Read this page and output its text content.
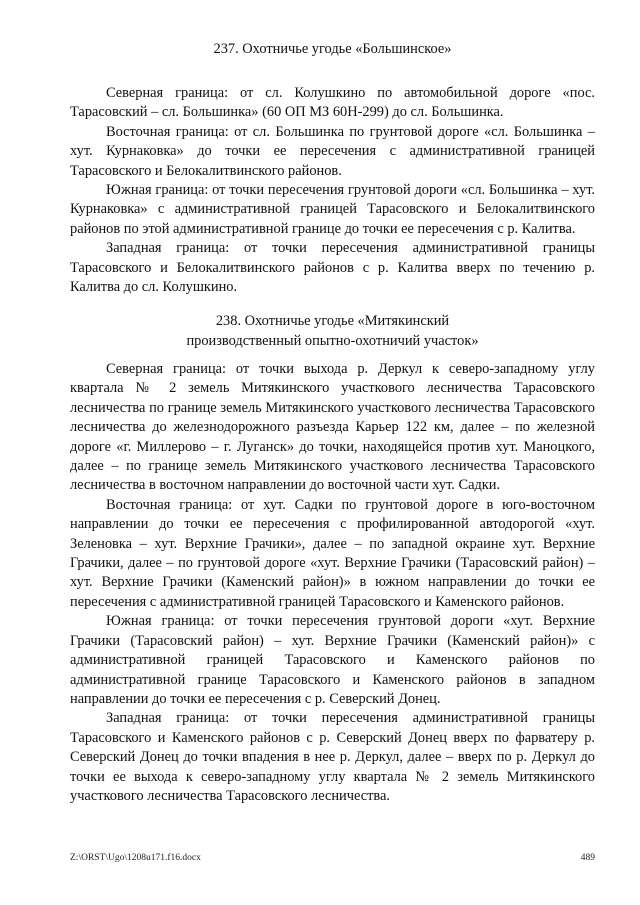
237. Охотничье угодье «Большинское»

Северная граница: от сл. Колушкино по автомобильной дороге «пос. Тарасовский – сл. Большинка» (60 ОП МЗ 60Н-299) до сл. Большинка.

Восточная граница: от сл. Большинка по грунтовой дороге «сл. Большинка – хут. Курнаковка» до точки ее пересечения с административной границей Тарасовского и Белокалитвинского районов.

Южная граница: от точки пересечения грунтовой дороги «сл. Большинка – хут. Курнаковка» с административной границей Тарасовского и Белокалитвинского районов по этой административной границе до точки ее пересечения с р. Калитва.

Западная граница: от точки пересечения административной границы Тарасовского и Белокалитвинского районов с р. Калитва вверх по течению р. Калитва до сл. Колушкино.

238. Охотничье угодье «Митякинский
производственный опытно-охотничий участок»

Северная граница: от точки выхода р. Деркул к северо-западному углу квартала № 2 земель Митякинского участкового лесничества Тарасовского лесничества по границе земель Митякинского участкового лесничества Тарасовского лесничества до железнодорожного разъезда Карьер 122 км, далее – по железной дороге «г. Миллерово – г. Луганск» до точки, находящейся против хут. Маноцкого, далее – по границе земель Митякинского участкового лесничества Тарасовского лесничества в восточном направлении до восточной части хут. Садки.

Восточная граница: от хут. Садки по грунтовой дороге в юго-восточном направлении до точки ее пересечения с профилированной автодорогой «хут. Зеленовка – хут. Верхние Грачики», далее – по западной окраине хут. Верхние Грачики, далее – по грунтовой дороге «хут. Верхние Грачики (Тарасовский район) – хут. Верхние Грачики (Каменский район)» в южном направлении до точки ее пересечения с административной границей Тарасовского и Каменского районов.

Южная граница: от точки пересечения грунтовой дороги «хут. Верхние Грачики (Тарасовский район) – хут. Верхние Грачики (Каменский район)» с административной границей Тарасовского и Каменского районов по административной границе Тарасовского и Каменского районов в западном направлении до точки ее пересечения с р. Северский Донец.

Западная граница: от точки пересечения административной границы Тарасовского и Каменского районов с р. Северский Донец вверх по фарватеру р. Северский Донец до точки впадения в нее р. Деркул, далее – вверх по р. Деркул до точки ее выхода к северо-западному углу квартала № 2 земель Митякинского участкового лесничества Тарасовского лесничества.

Z:\ORST\Ugo\1208u171.f16.docx	489
